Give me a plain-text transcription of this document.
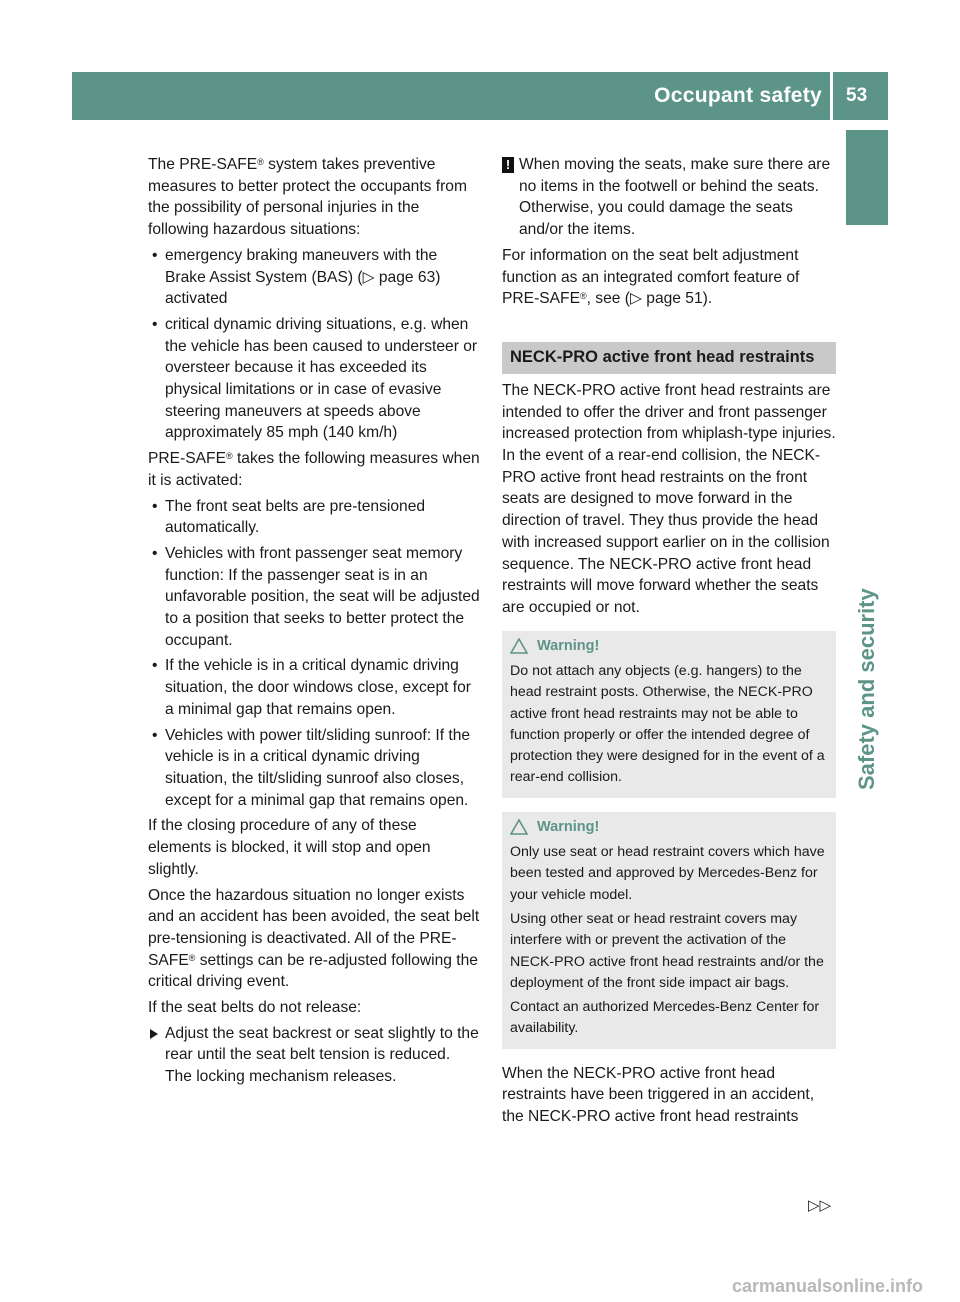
Occupant safety 53
Safety and security

The PRE-SAFE® system takes preventive measures to better protect the occupants from the possibility of personal injuries in the following hazardous situations:

• emergency braking maneuvers with the Brake Assist System (BAS) (▷ page 63) activated
• critical dynamic driving situations, e.g. when the vehicle has been caused to understeer or oversteer because it has exceeded its physical limitations or in case of evasive steering maneuvers at speeds above approximately 85 mph (140 km/h)

PRE-SAFE® takes the following measures when it is activated:

• The front seat belts are pre-tensioned automatically.
• Vehicles with front passenger seat memory function: If the passenger seat is in an unfavorable position, the seat will be adjusted to a position that seeks to better protect the occupant.
• If the vehicle is in a critical dynamic driving situation, the door windows close, except for a minimal gap that remains open.
• Vehicles with power tilt/sliding sunroof: If the vehicle is in a critical dynamic driving situation, the tilt/sliding sunroof also closes, except for a minimal gap that remains open.

If the closing procedure of any of these elements is blocked, it will stop and open slightly.

Once the hazardous situation no longer exists and an accident has been avoided, the seat belt pre-tensioning is deactivated. All of the PRE-SAFE® settings can be re-adjusted following the critical driving event.

If the seat belts do not release:

Adjust the seat backrest or seat slightly to the rear until the seat belt tension is reduced.
The locking mechanism releases.
! When moving the seats, make sure there are no items in the footwell or behind the seats. Otherwise, you could damage the seats and/or the items.

For information on the seat belt adjustment function as an integrated comfort feature of PRE-SAFE®, see (▷ page 51).

NECK-PRO active front head restraints

The NECK-PRO active front head restraints are intended to offer the driver and front passenger increased protection from whiplash-type injuries. In the event of a rear-end collision, the NECK-PRO active front head restraints on the front seats are designed to move forward in the direction of travel. They thus provide the head with increased support earlier on in the collision sequence. The NECK-PRO active front head restraints will move forward whether the seats are occupied or not.

Warning!

Do not attach any objects (e.g. hangers) to the head restraint posts. Otherwise, the NECK-PRO active front head restraints may not be able to function properly or offer the intended degree of protection they were designed for in the event of a rear-end collision.

Warning!

Only use seat or head restraint covers which have been tested and approved by Mercedes-Benz for your vehicle model.

Using other seat or head restraint covers may interfere with or prevent the activation of the NECK-PRO active front head restraints and/or the deployment of the front side impact air bags.

Contact an authorized Mercedes-Benz Center for availability.

When the NECK-PRO active front head restraints have been triggered in an accident, the NECK-PRO active front head restraints

▷▷
carmanualsonline.info
